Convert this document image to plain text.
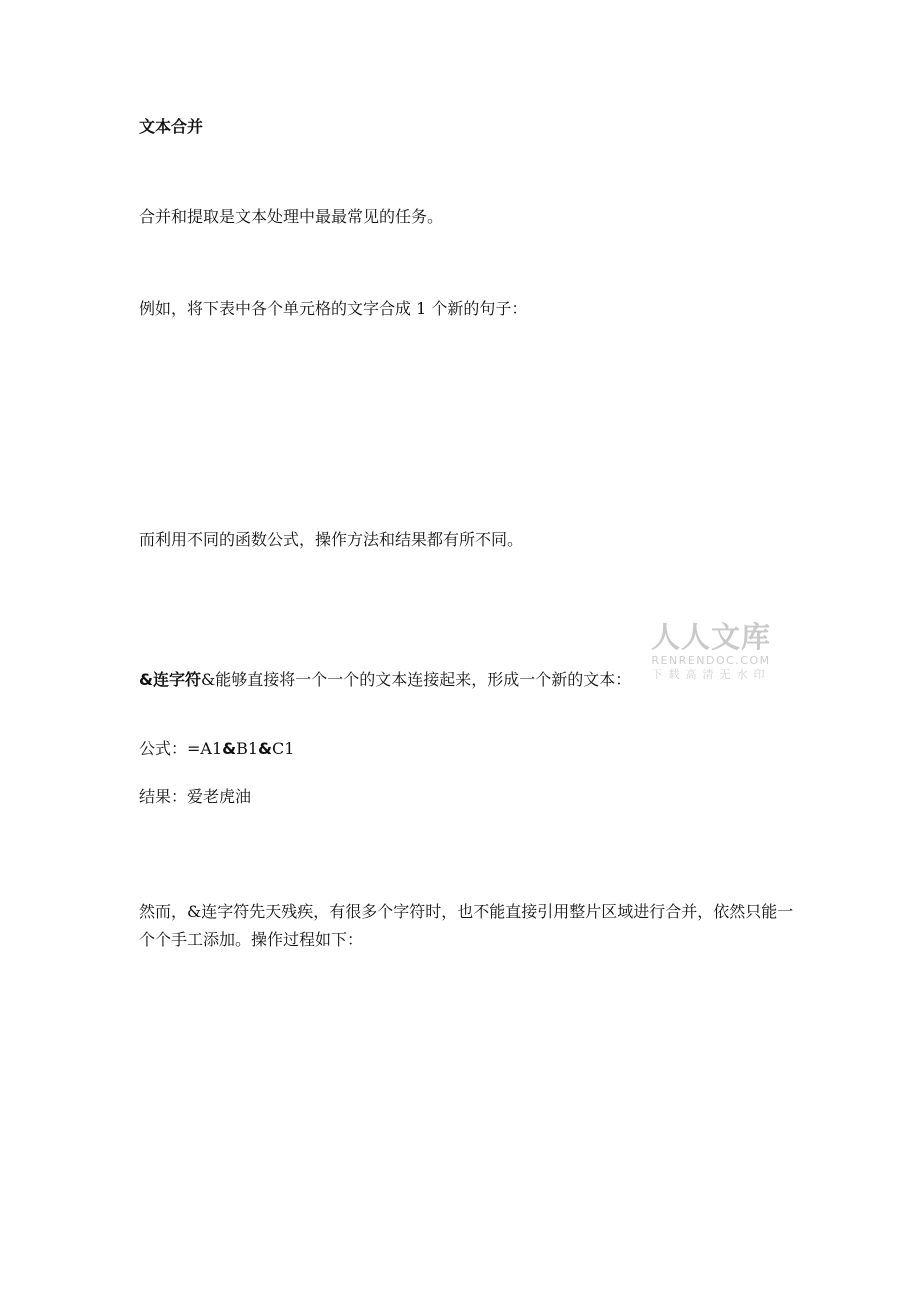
文本合并

合并和提取是文本处理中最最常见的任务。

例如，将下表中各个单元格的文字合成 1 个新的句子：

而利用不同的函数公式，操作方法和结果都有所不同。

&连字符&能够直接将一个一个的文本连接起来，形成一个新的文本：

公式：=A1&B1&C1

结果：爱老虎油

然而，&连字符先天残疾，有很多个字符时，也不能直接引用整片区域进行合并，依然只能一个个手工添加。操作过程如下：

人人文库
RENRENDOC.COM
下载高清无水印
